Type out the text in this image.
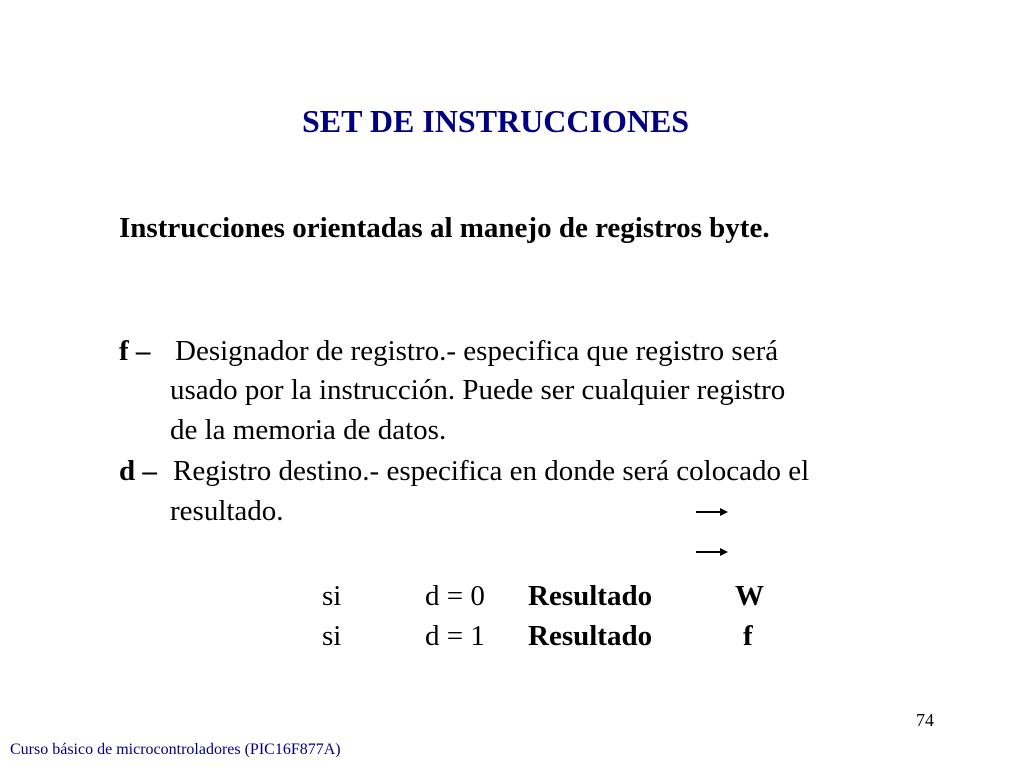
SET DE INSTRUCCIONES
Instrucciones orientadas al manejo de registros byte.
f – Designador de registro.- especifica que registro será
usado por la instrucción. Puede ser cualquier registro
de la memoria de datos.
d – Registro destino.- especifica en donde será colocado el
resultado.
si	d = 0 Resultado	W
si	d = 1 Resultado	f
74
Curso básico de microcontroladores (PIC16F877A)
